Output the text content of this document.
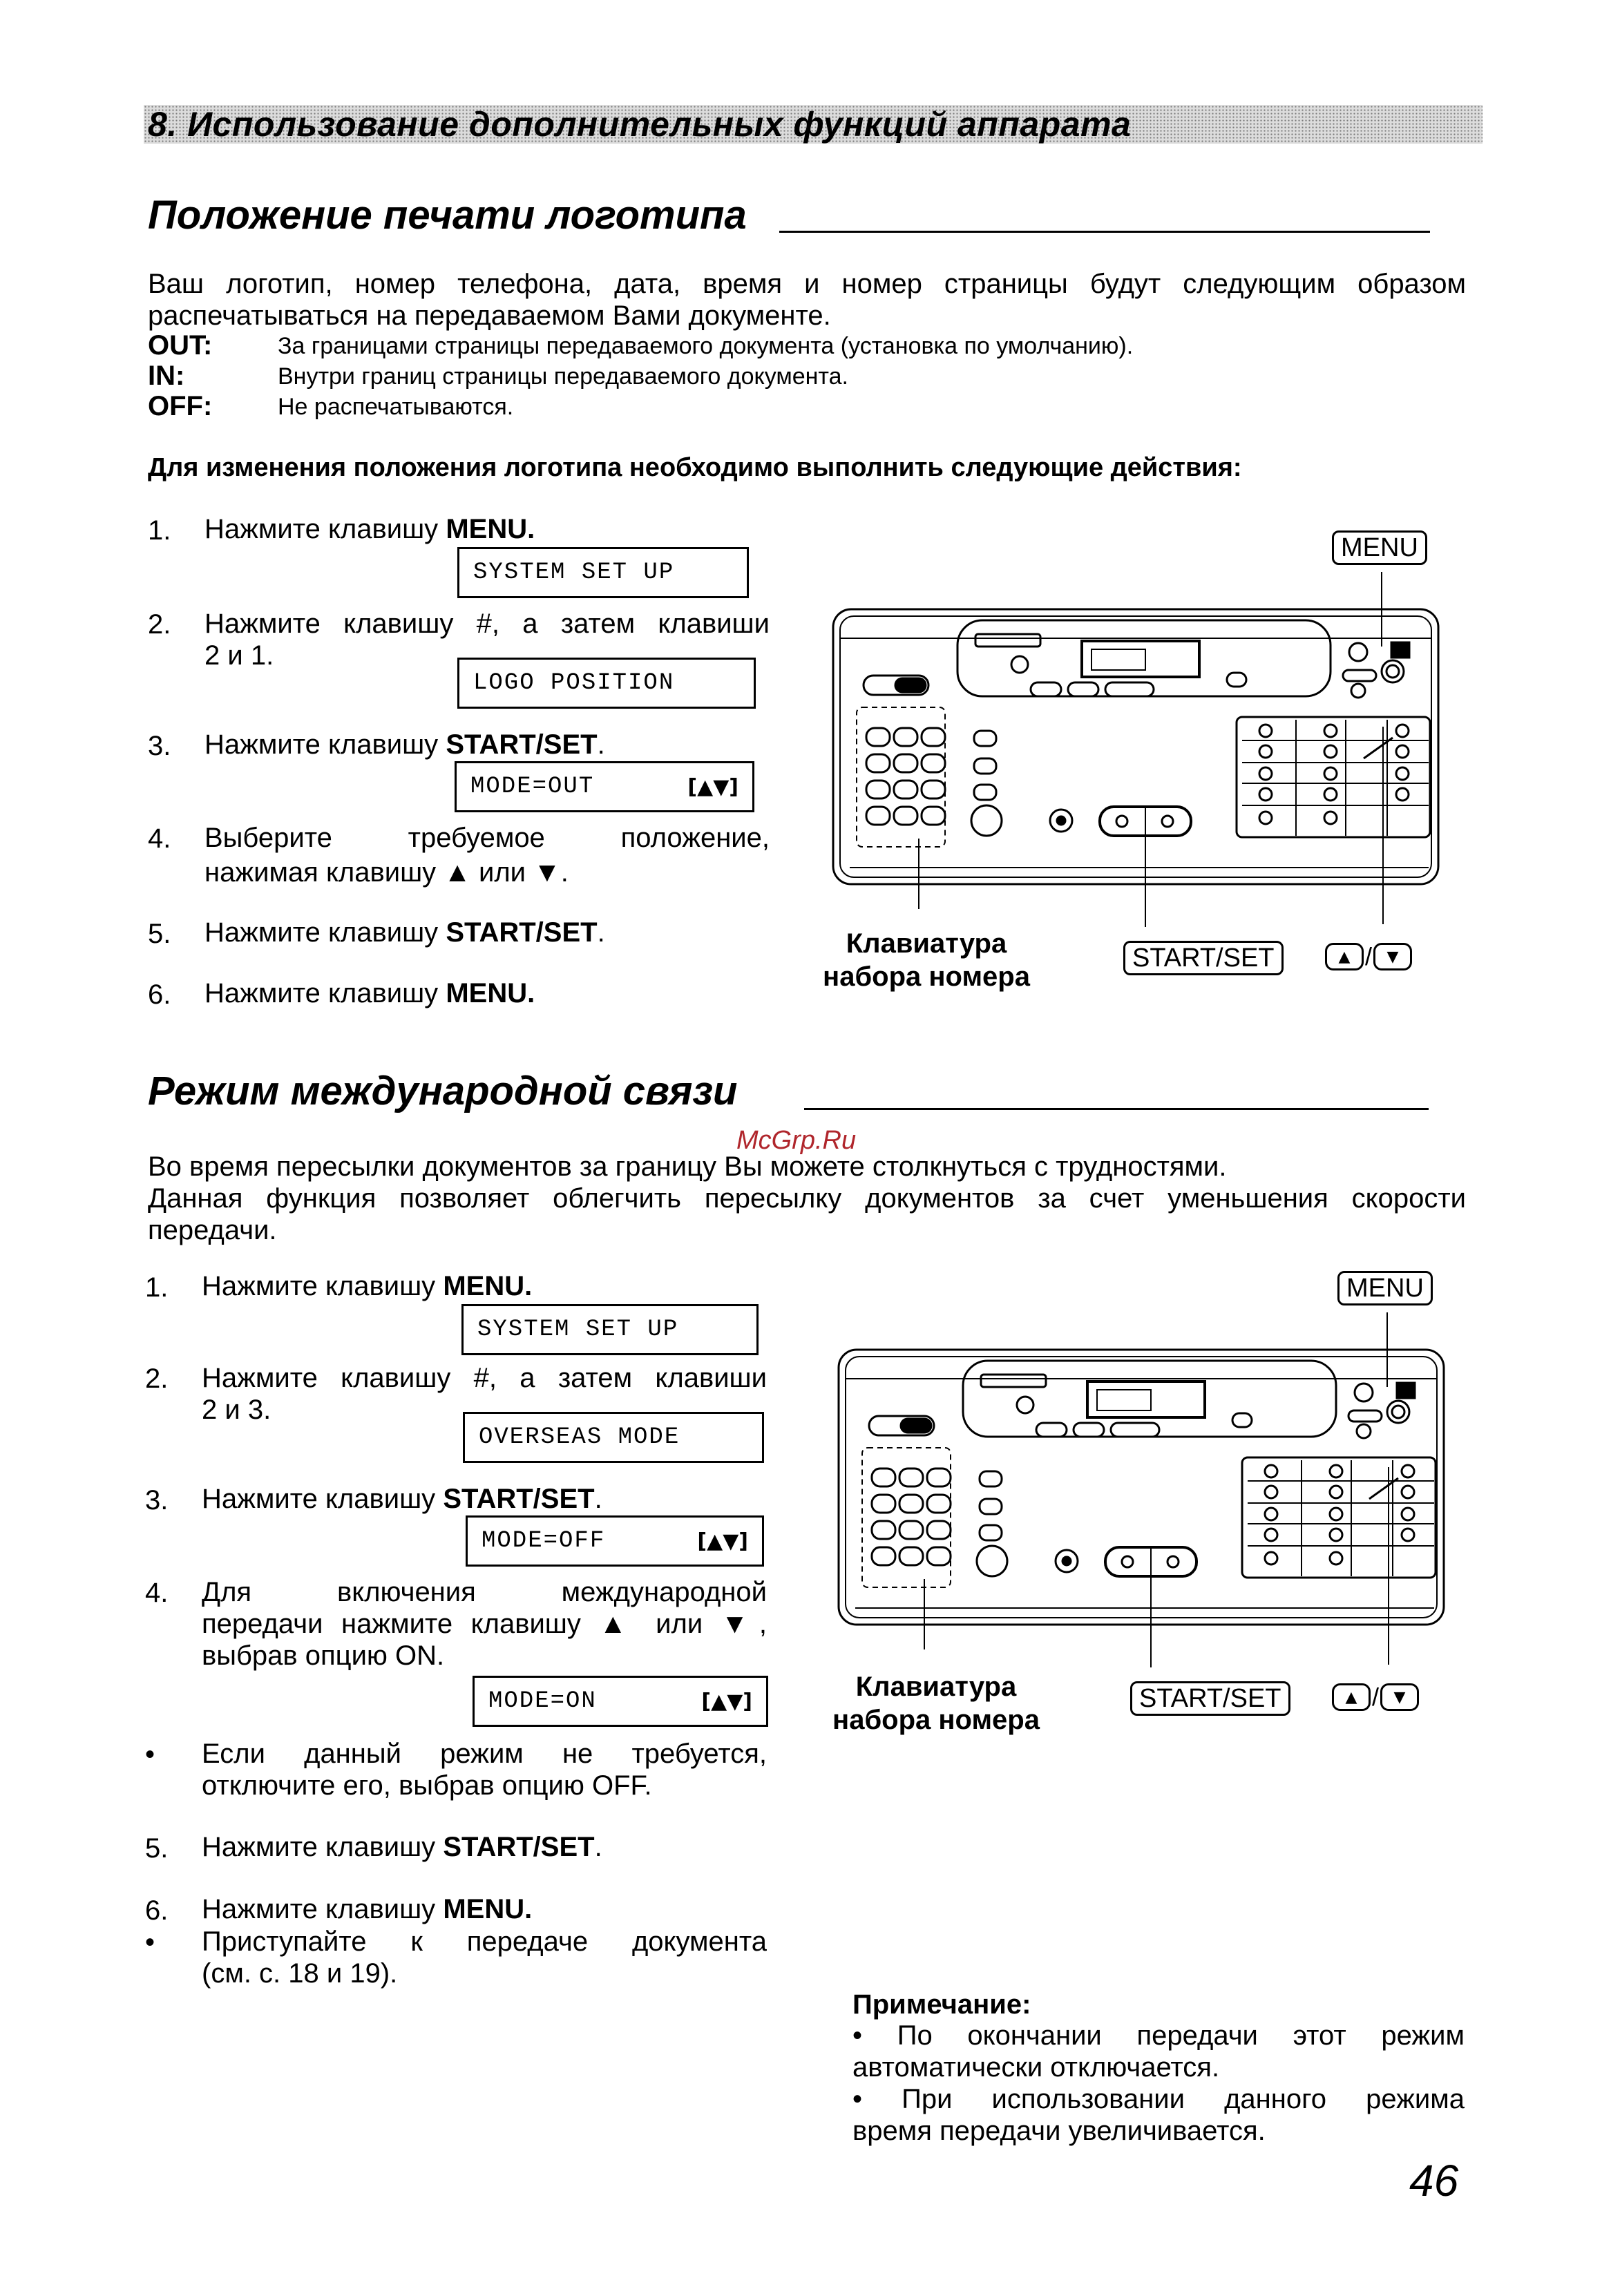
8. Использование дополнительных функций аппарата
Положение печати логотипа
Ваш логотип, номер телефона, дата, время и номер страницы будут следующим образом
распечатываться на передаваемом Вами документе.
OUT:	За границами страницы передаваемого документа (установка по умолчанию).
IN:	Внутри границ страницы передаваемого документа.
OFF:	Не распечатываются.
Для изменения положения логотипа необходимо выполнить следующие действия:
1. Нажмите клавишу MENU.
SYSTEM SET UP
2. Нажмите клавишу #, а затем клавиши
2 и 1.
LOGO POSITION
3. Нажмите клавишу START/SET.
MODE=OUT	[▲▼]
4. Выберите требуемое положение,
нажимая клавишу ▲ или ▼.
5. Нажмите клавишу START/SET.
6. Нажмите клавишу MENU.
MENU
Клавиатура
набора номера
START/SET	▲ / ▼
Режим международной связи
McGrp.Ru
Во время пересылки документов за границу Вы можете столкнуться с трудностями.
Данная функция позволяет облегчить пересылку документов за счет уменьшения скорости
передачи.
1. Нажмите клавишу MENU.
SYSTEM SET UP
2. Нажмите клавишу #, а затем клавиши
2 и 3.
OVERSEAS MODE
3. Нажмите клавишу START/SET.
MODE=OFF	[▲▼]
4. Для включения международной
передачи нажмите клавишу ▲ или ▼,
выбрав опцию ON.
MODE=ON	[▲▼]
• Если данный режим не требуется,
отключите его, выбрав опцию OFF.
5. Нажмите клавишу START/SET.
6. Нажмите клавишу MENU.
• Приступайте к передаче документа
(см. с. 18 и 19).
MENU
Клавиатура
набора номера
START/SET	▲ / ▼
Примечание:
• По окончании передачи этот режим
автоматически отключается.
• При использовании данного режима
время передачи увеличивается.
46
